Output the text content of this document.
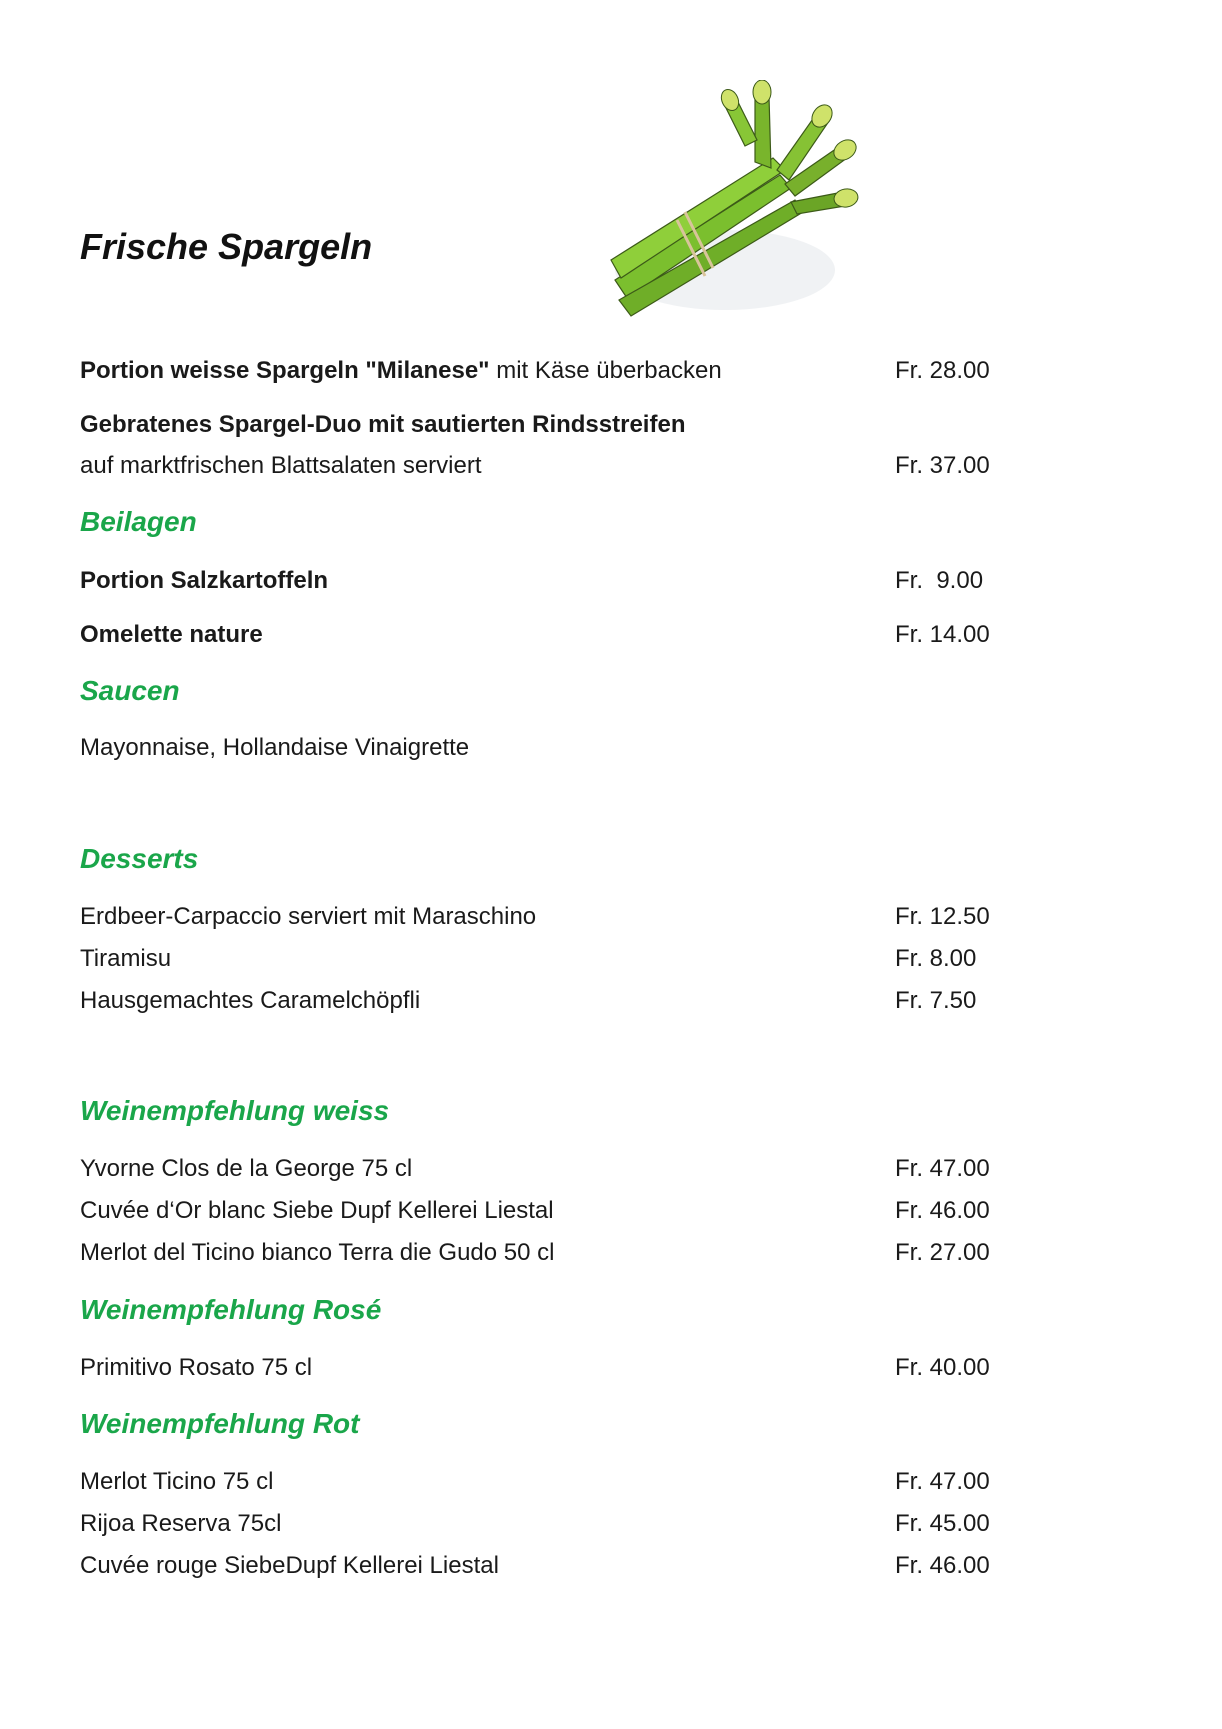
Frische Spargeln
Portion weisse Spargeln "Milanese" mit Käse überbacken	Fr. 28.00
Gebratenes Spargel-Duo mit sautierten Rindsstreifen
auf marktfrischen Blattsalaten serviert	Fr. 37.00
Beilagen
Portion Salzkartoffeln	Fr.  9.00
Omelette nature	Fr. 14.00
Saucen
Mayonnaise, Hollandaise Vinaigrette
Desserts
Erdbeer-Carpaccio serviert mit Maraschino	Fr. 12.50
Tiramisu	Fr. 8.00
Hausgemachtes Caramelchöpfli	Fr. 7.50
Weinempfehlung weiss
Yvorne Clos de la George 75 cl	Fr. 47.00
Cuvée d‘Or blanc Siebe Dupf Kellerei Liestal	Fr. 46.00
Merlot del Ticino bianco Terra die Gudo 50 cl	Fr. 27.00
Weinempfehlung Rosé
Primitivo Rosato 75 cl	Fr. 40.00
Weinempfehlung Rot
Merlot Ticino 75 cl	Fr. 47.00
Rijoa Reserva 75cl	Fr. 45.00
Cuvée rouge SiebeDupf Kellerei Liestal	Fr. 46.00
